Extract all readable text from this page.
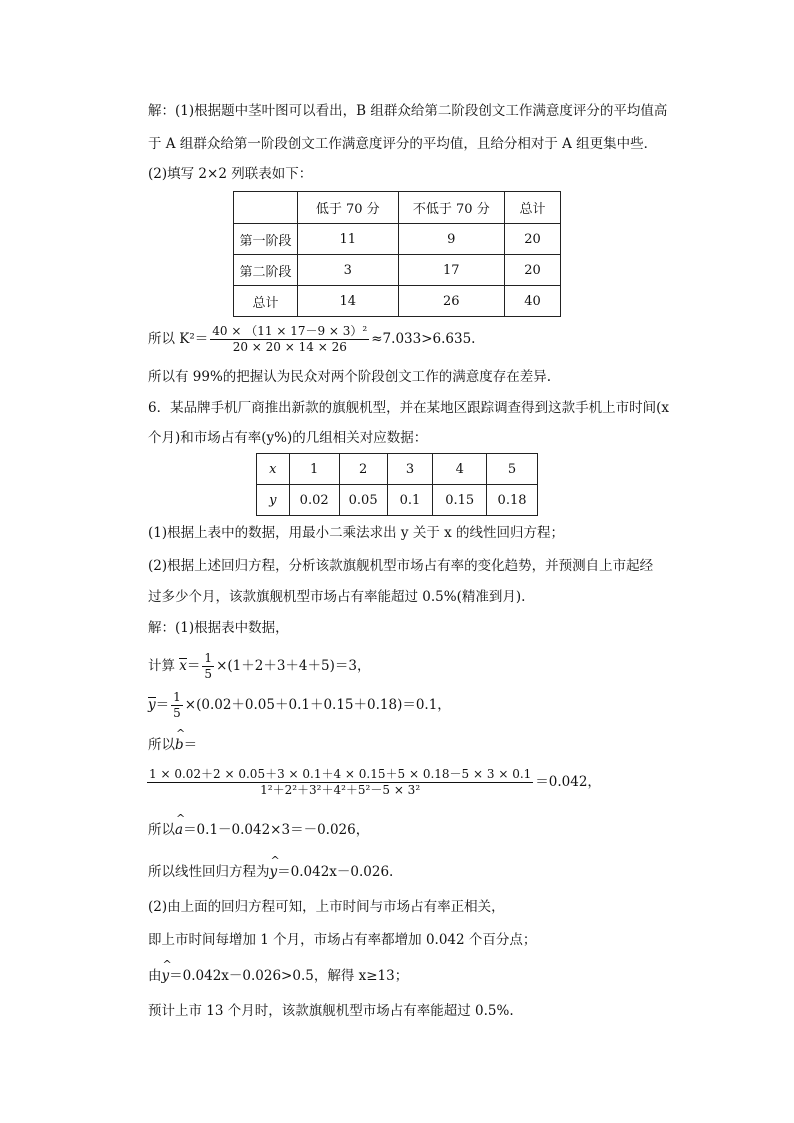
解：(1)根据题中茎叶图可以看出，B 组群众给第二阶段创文工作满意度评分的平均值高
于 A 组群众给第一阶段创文工作满意度评分的平均值，且给分相对于 A 组更集中些．
(2)填写 2×2 列联表如下：
	低于 70 分	不低于 70 分	总计
第一阶段	11	9	20
第二阶段	3	17	20
总计	14	26	40
所以 $K^2= \frac{\text{40 × （11 × 17－9 × 3）²}}{20 \times 20 \times 14 \times 26} \approx 7.033>6.635$.
所以有 99%的把握认为民众对两个阶段创文工作的满意度存在差异.
6．某品牌手机厂商推出新款的旗舰机型，并在某地区跟踪调查得到这款手机上市时间(x
个月)和市场占有率(y%)的几组相关对应数据：
x	1	2	3	4	5
y	0.02	0.05	0.1	0.15	0.18
(1)根据上表中的数据，用最小二乘法求出 y 关于 x 的线性回归方程；
(2)根据上述回归方程，分析该款旗舰机型市场占有率的变化趋势，并预测自上市起经
过多少个月，该款旗舰机型市场占有率能超过 0.5%(精准到月).
解：(1)根据表中数据，
计算 $x= \frac{1}{5} \times(1+2+3+4+5)=3$，
$y= \frac{1}{5} \times(0.02+0.05+0.1+0.15+0.18)=0.1$，
所以^ b＝
$\frac{1 \times 0.02+2 \times 0.05+3 \times 0.1+4 \times 0.15+5 \times 0.18-5 \times 3 \times 0.1}{\text{1²＋2²＋3²＋4²＋5²－5 × 3²}} =0.042$，
所以^ a＝0.1－0.042×3＝－0.026，
所以线性回归方程为^ y＝0.042x－0.026.
(2)由上面的回归方程可知，上市时间与市场占有率正相关，
即上市时间每增加 1 个月，市场占有率都增加 0.042 个百分点；
由^ y＝0.042x－0.026>0.5，解得 x≥13；
预计上市 13 个月时，该款旗舰机型市场占有率能超过 0.5%.
